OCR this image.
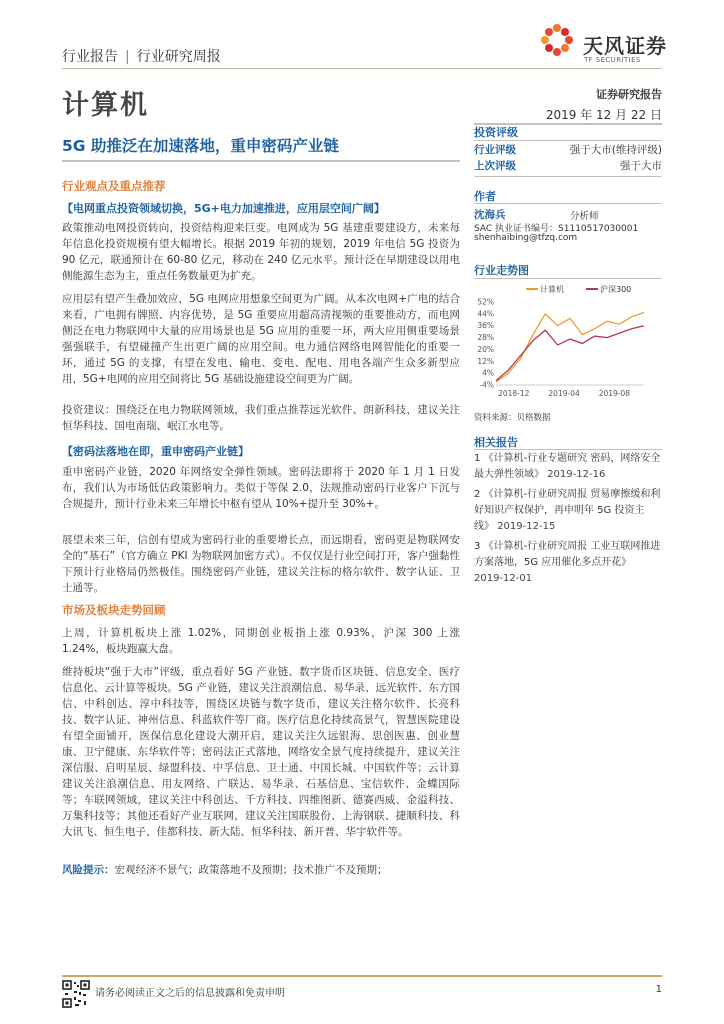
行业报告 | 行业研究周报	天风证券
TF SECURITIES
计算机	证券研究报告
2019 年 12 月 22 日
5G 助推泛在加速落地，重申密码产业链
行业观点及重点推荐
【电网重点投资领域切换，5G+电力加速推进，应用层空间广阔】
政策推动电网投资转向，投资结构迎来巨变。电网成为 5G 基建重要建设方，未来每年信息化投资规模有望大幅增长。根据 2019 年初的规划，2019 年电信 5G 投资为 90 亿元，联通预计在 60-80 亿元，移动在 240 亿元水平。预计泛在早期建设以用电侧能源生态为主，重点任务数量更为扩充。
应用层有望产生叠加效应，5G 电网应用想象空间更为广阔。从本次电网+广电的结合来看，广电拥有牌照、内容优势，是 5G 重要应用超高清视频的重要推动方，而电网侧泛在电力物联网中大量的应用场景也是 5G 应用的重要一环，两大应用侧重要场景强强联手，有望碰撞产生出更广阔的应用空间。电力通信网络电网智能化的重要一环，通过 5G 的支撑，有望在发电、输电、变电、配电、用电各端产生众多新型应用，5G+电网的应用空间将比 5G 基础设施建设空间更为广阔。
投资建议：围绕泛在电力物联网领域，我们重点推荐远光软件、朗新科技，建议关注恒华科技、国电南瑞、岷江水电等。
【密码法落地在即，重申密码产业链】
重申密码产业链，2020 年网络安全弹性领域。密码法即将于 2020 年 1 月 1 日发布，我们认为市场低估政策影响力。类似于等保 2.0，法规推动密码行业客户下沉与合规提升，预计行业未来三年增长中枢有望从 10%+提升至 30%+。
展望未来三年，信创有望成为密码行业的重要增长点，而远期看，密码更是物联网安全的“基石”（官方确立 PKI 为物联网加密方式）。不仅仅是行业空间打开，客户强黏性下预计行业格局仍然极佳。围绕密码产业链，建议关注标的格尔软件、数字认证、卫士通等。
市场及板块走势回顾
上周，计算机板块上涨 1.02%，同期创业板指上涨 0.93%，沪深 300 上涨 1.24%，板块跑赢大盘。
维持板块“强于大市”评级，重点看好 5G 产业链、数字货币区块链、信息安全、医疗信息化、云计算等板块。5G 产业链，建议关注浪潮信息、易华录、远光软件、东方国信、中科创达、淳中科技等，围绕区块链与数字货币，建议关注格尔软件、长亮科技、数字认证、神州信息、科蓝软件等厂商。医疗信息化持续高景气，智慧医院建设有望全面铺开，医保信息化建设大潮开启，建议关注久远银海、思创医惠、创业慧康、卫宁健康、东华软件等；密码法正式落地，网络安全景气度持续提升，建议关注深信服、启明星辰、绿盟科技、中孚信息、卫士通、中国长城、中国软件等；云计算建议关注浪潮信息、用友网络、广联达、易华录、石基信息、宝信软件、金蝶国际等；车联网领域，建议关注中科创达、千方科技、四维图新、德赛西威、金溢科技、万集科技等；其他还看好产业互联网，建议关注国联股份、上海钢联、捷顺科技、科大讯飞、恒生电子、佳都科技、新大陆、恒华科技、新开普、华宇软件等。
风险提示：宏观经济不景气；政策落地不及预期；技术推广不及预期；
投资评级
行业评级	强于大市(维持评级)
上次评级	强于大市
作者
沈海兵	分析师
SAC 执业证书编号：S1110517030001
shenhaibing@tfzq.com
行业走势图
计算机	沪深300
52%
44%
36%
28%
20%
12%
4%
-4%
2018-12	2019-04	2019-08
资料来源：贝格数据
相关报告
1 《计算机-行业专题研究 密码，网络安全最大弹性领域》 2019-12-16
2 《计算机-行业研究周报 贸易摩擦缓和利好知识产权保护，再申明年 5G 投资主线》 2019-12-15
3 《计算机-行业研究周报 工业互联网推进方案落地，5G 应用催化多点开花》 2019-12-01
请务必阅读正文之后的信息披露和免责申明	1
